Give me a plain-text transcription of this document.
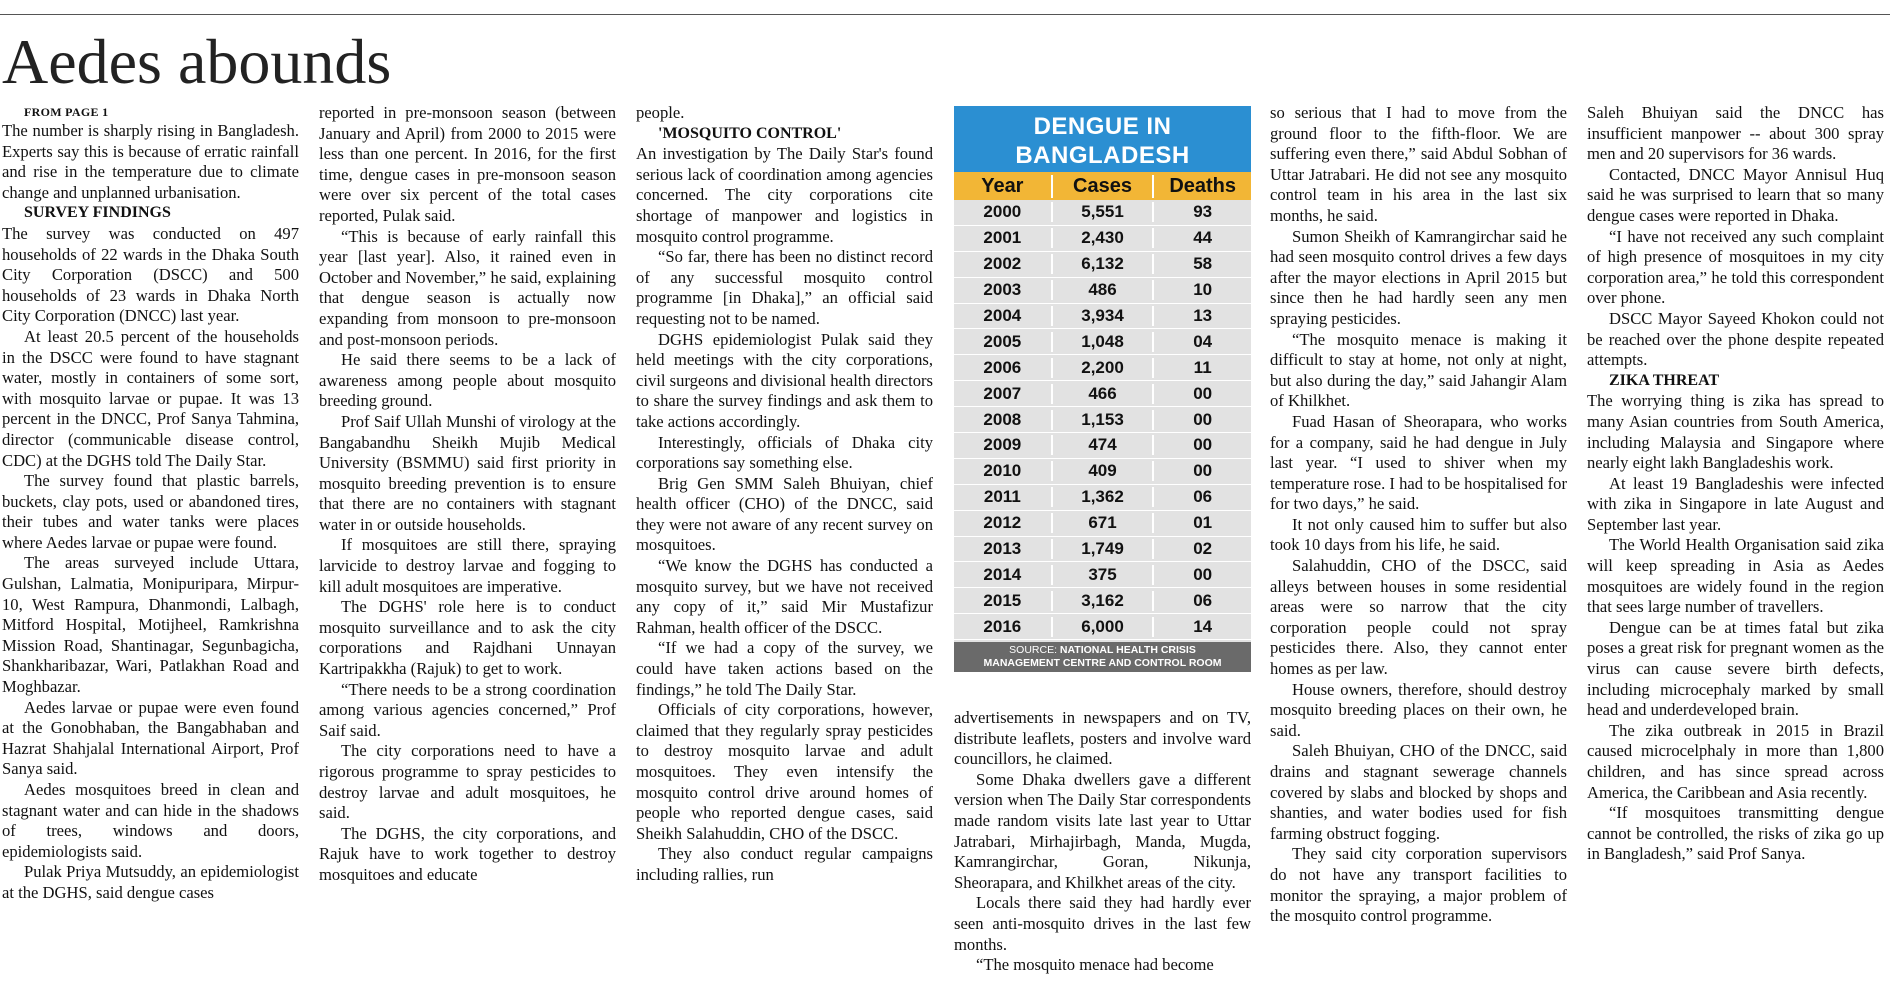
Aedes abounds

FROM PAGE 1

The number is sharply rising in Bangladesh. Experts say this is because of erratic rainfall and rise in the temperature due to climate change and unplanned urbanisation.

SURVEY FINDINGS

The survey was conducted on 497 households of 22 wards in the Dhaka South City Corporation (DSCC) and 500 households of 23 wards in Dhaka North City Corporation (DNCC) last year.

At least 20.5 percent of the households in the DSCC were found to have stagnant water, mostly in containers of some sort, with mosquito larvae or pupae. It was 13 percent in the DNCC, Prof Sanya Tahmina, director (communicable disease control, CDC) at the DGHS told The Daily Star.

The survey found that plastic barrels, buckets, clay pots, used or abandoned tires, their tubes and water tanks were places where Aedes larvae or pupae were found.

The areas surveyed include Uttara, Gulshan, Lalmatia, Monipuripara, Mirpur-10, West Rampura, Dhanmondi, Lalbagh, Mitford Hospital, Motijheel, Ramkrishna Mission Road, Shantinagar, Segunbagicha, Shankharibazar, Wari, Patlakhan Road and Moghbazar.

Aedes larvae or pupae were even found at the Gonobhaban, the Bangabhaban and Hazrat Shahjalal International Airport, Prof Sanya said.

Aedes mosquitoes breed in clean and stagnant water and can hide in the shadows of trees, windows and doors, epidemiologists said.

Pulak Priya Mutsuddy, an epidemiologist at the DGHS, said dengue cases

reported in pre-monsoon season (between January and April) from 2000 to 2015 were less than one percent. In 2016, for the first time, dengue cases in pre-monsoon season were over six percent of the total cases reported, Pulak said.

“This is because of early rainfall this year [last year]. Also, it rained even in October and November,” he said, explaining that dengue season is actually now expanding from monsoon to pre-monsoon and post-monsoon periods.

He said there seems to be a lack of awareness among people about mosquito breeding ground.

Prof Saif Ullah Munshi of virology at the Bangabandhu Sheikh Mujib Medical University (BSMMU) said first priority in mosquito breeding prevention is to ensure that there are no containers with stagnant water in or outside households.

If mosquitoes are still there, spraying larvicide to destroy larvae and fogging to kill adult mosquitoes are imperative.

The DGHS' role here is to conduct mosquito surveillance and to ask the city corporations and Rajdhani Unnayan Kartripakkha (Rajuk) to get to work.

“There needs to be a strong coordination among various agencies concerned,” Prof Saif said.

The city corporations need to have a rigorous programme to spray pesticides to destroy larvae and adult mosquitoes, he said.

The DGHS, the city corporations, and Rajuk have to work together to destroy mosquitoes and educate

people.

'MOSQUITO CONTROL'

An investigation by The Daily Star's found serious lack of coordination among agencies concerned. The city corporations cite shortage of manpower and logistics in mosquito control programme.

“So far, there has been no distinct record of any successful mosquito control programme [in Dhaka],” an official said requesting not to be named.

DGHS epidemiologist Pulak said they held meetings with the city corporations, civil surgeons and divisional health directors to share the survey findings and ask them to take actions accordingly.

Interestingly, officials of Dhaka city corporations say something else.

Brig Gen SMM Saleh Bhuiyan, chief health officer (CHO) of the DNCC, said they were not aware of any recent survey on mosquitoes.

“We know the DGHS has conducted a mosquito survey, but we have not received any copy of it,” said Mir Mustafizur Rahman, health officer of the DSCC.

“If we had a copy of the survey, we could have taken actions based on the findings,” he told The Daily Star.

Officials of city corporations, however, claimed that they regularly spray pesticides to destroy mosquito larvae and adult mosquitoes. They even intensify the mosquito control drive around homes of people who reported dengue cases, said Sheikh Salahuddin, CHO of the DSCC.

They also conduct regular campaigns including rallies, run

DENGUE IN
BANGLADESH
Year	Cases	Deaths
2000	5,551	93
2001	2,430	44
2002	6,132	58
2003	486	10
2004	3,934	13
2005	1,048	04
2006	2,200	11
2007	466	00
2008	1,153	00
2009	474	00
2010	409	00
2011	1,362	06
2012	671	01
2013	1,749	02
2014	375	00
2015	3,162	06
2016	6,000	14
SOURCE: NATIONAL HEALTH CRISIS
MANAGEMENT CENTRE AND CONTROL ROOM

advertisements in newspapers and on TV, distribute leaflets, posters and involve ward councillors, he claimed.

Some Dhaka dwellers gave a different version when The Daily Star correspondents made random visits late last year to Uttar Jatrabari, Mirhajirbagh, Manda, Mugda, Kamrangirchar, Goran, Nikunja, Sheorapara, and Khilkhet areas of the city.

Locals there said they had hardly ever seen anti-mosquito drives in the last few months.

“The mosquito menace had become

so serious that I had to move from the ground floor to the fifth-floor. We are suffering even there,” said Abdul Sobhan of Uttar Jatrabari. He did not see any mosquito control team in his area in the last six months, he said.

Sumon Sheikh of Kamrangirchar said he had seen mosquito control drives a few days after the mayor elections in April 2015 but since then he had hardly seen any men spraying pesticides.

“The mosquito menace is making it difficult to stay at home, not only at night, but also during the day,” said Jahangir Alam of Khilkhet.

Fuad Hasan of Sheorapara, who works for a company, said he had dengue in July last year. “I used to shiver when my temperature rose. I had to be hospitalised for for two days,” he said.

It not only caused him to suffer but also took 10 days from his life, he said.

Salahuddin, CHO of the DSCC, said alleys between houses in some residential areas were so narrow that the city corporation people could not spray pesticides there. Also, they cannot enter homes as per law.

House owners, therefore, should destroy mosquito breeding places on their own, he said.

Saleh Bhuiyan, CHO of the DNCC, said drains and stagnant sewerage channels covered by slabs and blocked by shops and shanties, and water bodies used for fish farming obstruct fogging.

They said city corporation supervisors do not have any transport facilities to monitor the spraying, a major problem of the mosquito control programme.

Saleh Bhuiyan said the DNCC has insufficient manpower -- about 300 spray men and 20 supervisors for 36 wards.

Contacted, DNCC Mayor Annisul Huq said he was surprised to learn that so many dengue cases were reported in Dhaka.

“I have not received any such complaint of high presence of mosquitoes in my city corporation area,” he told this correspondent over phone.

DSCC Mayor Sayeed Khokon could not be reached over the phone despite repeated attempts.

ZIKA THREAT

The worrying thing is zika has spread to many Asian countries from South America, including Malaysia and Singapore where nearly eight lakh Bangladeshis work.

At least 19 Bangladeshis were infected with zika in Singapore in late August and September last year.

The World Health Organisation said zika will keep spreading in Asia as Aedes mosquitoes are widely found in the region that sees large number of travellers.

Dengue can be at times fatal but zika poses a great risk for pregnant women as the virus can cause severe birth defects, including microcephaly marked by small head and underdeveloped brain.

The zika outbreak in 2015 in Brazil caused microcelphaly in more than 1,800 children, and has since spread across America, the Caribbean and Asia recently.

“If mosquitoes transmitting dengue cannot be controlled, the risks of zika go up in Bangladesh,” said Prof Sanya.
